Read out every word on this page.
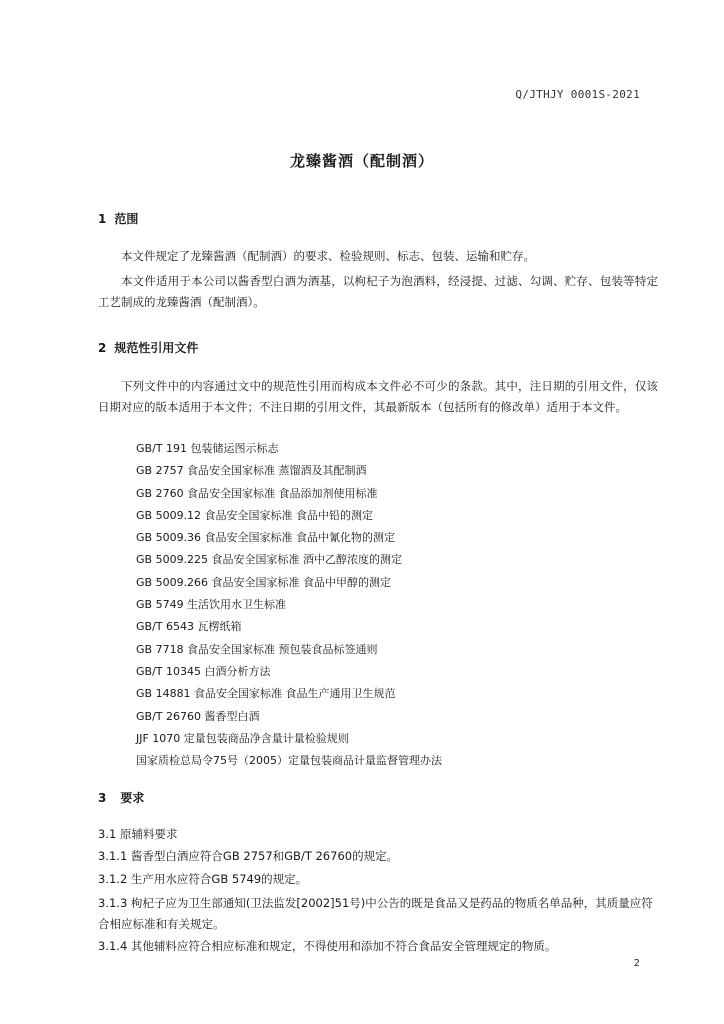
Q/JTHJY 0001S-2021
龙臻酱酒（配制酒）
1 范围
本文件规定了龙臻酱酒（配制酒）的要求、检验规则、标志、包装、运输和贮存。
本文件适用于本公司以酱香型白酒为酒基，以枸杞子为泡酒料，经浸提、过滤、勾调、贮存、包装等特定工艺制成的龙臻酱酒（配制酒）。
2 规范性引用文件
下列文件中的内容通过文中的规范性引用而构成本文件必不可少的条款。其中，注日期的引用文件，仅该日期对应的版本适用于本文件；不注日期的引用文件，其最新版本（包括所有的修改单）适用于本文件。
GB/T 191 包装储运图示标志
GB 2757 食品安全国家标准 蒸馏酒及其配制酒
GB 2760 食品安全国家标准 食品添加剂使用标准
GB 5009.12 食品安全国家标准 食品中铅的测定
GB 5009.36 食品安全国家标准 食品中氰化物的测定
GB 5009.225 食品安全国家标准 酒中乙醇浓度的测定
GB 5009.266 食品安全国家标准 食品中甲醇的测定
GB 5749 生活饮用水卫生标准
GB/T 6543 瓦楞纸箱
GB 7718 食品安全国家标准 预包装食品标签通则
GB/T 10345 白酒分析方法
GB 14881 食品安全国家标准 食品生产通用卫生规范
GB/T 26760 酱香型白酒
JJF 1070 定量包装商品净含量计量检验规则
国家质检总局令75号（2005）定量包装商品计量监督管理办法
3 要求
3.1 原辅料要求
3.1.1 酱香型白酒应符合GB 2757和GB/T 26760的规定。
3.1.2 生产用水应符合GB 5749的规定。
3.1.3 枸杞子应为卫生部通知(卫法监发[2002]51号)中公告的既是食品又是药品的物质名单品种，其质量应符合相应标准和有关规定。
3.1.4 其他辅料应符合相应标准和规定，不得使用和添加不符合食品安全管理规定的物质。
2
